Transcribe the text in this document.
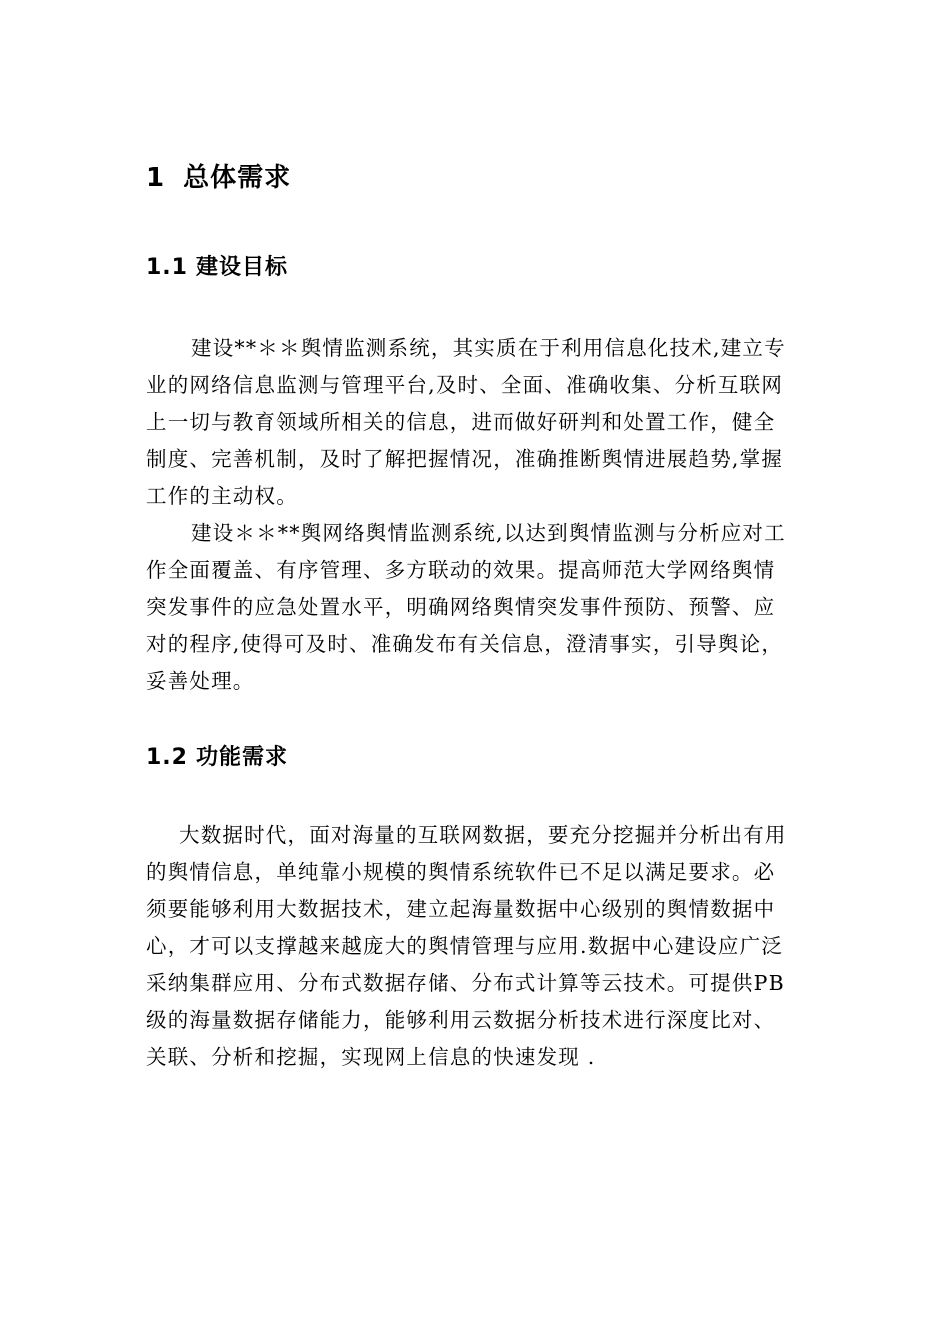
1 总体需求
1.1 建设目标
建设**＊＊舆情监测系统，其实质在于利用信息化技术,建立专
业的网络信息监测与管理平台,及时、全面、准确收集、分析互联网
上一切与教育领域所相关的信息，进而做好研判和处置工作，健全
制度、完善机制，及时了解把握情况，准确推断舆情进展趋势,掌握
工作的主动权。
建设＊＊**舆网络舆情监测系统,以达到舆情监测与分析应对工
作全面覆盖、有序管理、多方联动的效果。提高师范大学网络舆情
突发事件的应急处置水平，明确网络舆情突发事件预防、预警、应
对的程序,使得可及时、准确发布有关信息，澄清事实，引导舆论，
妥善处理。
1.2 功能需求
大数据时代，面对海量的互联网数据，要充分挖掘并分析出有用
的舆情信息，单纯靠小规模的舆情系统软件已不足以满足要求。必
须要能够利用大数据技术，建立起海量数据中心级别的舆情数据中
心，才可以支撑越来越庞大的舆情管理与应用.数据中心建设应广泛
采纳集群应用、分布式数据存储、分布式计算等云技术。可提供PB
级的海量数据存储能力，能够利用云数据分析技术进行深度比对、
关联、分析和挖掘，实现网上信息的快速发现 .
